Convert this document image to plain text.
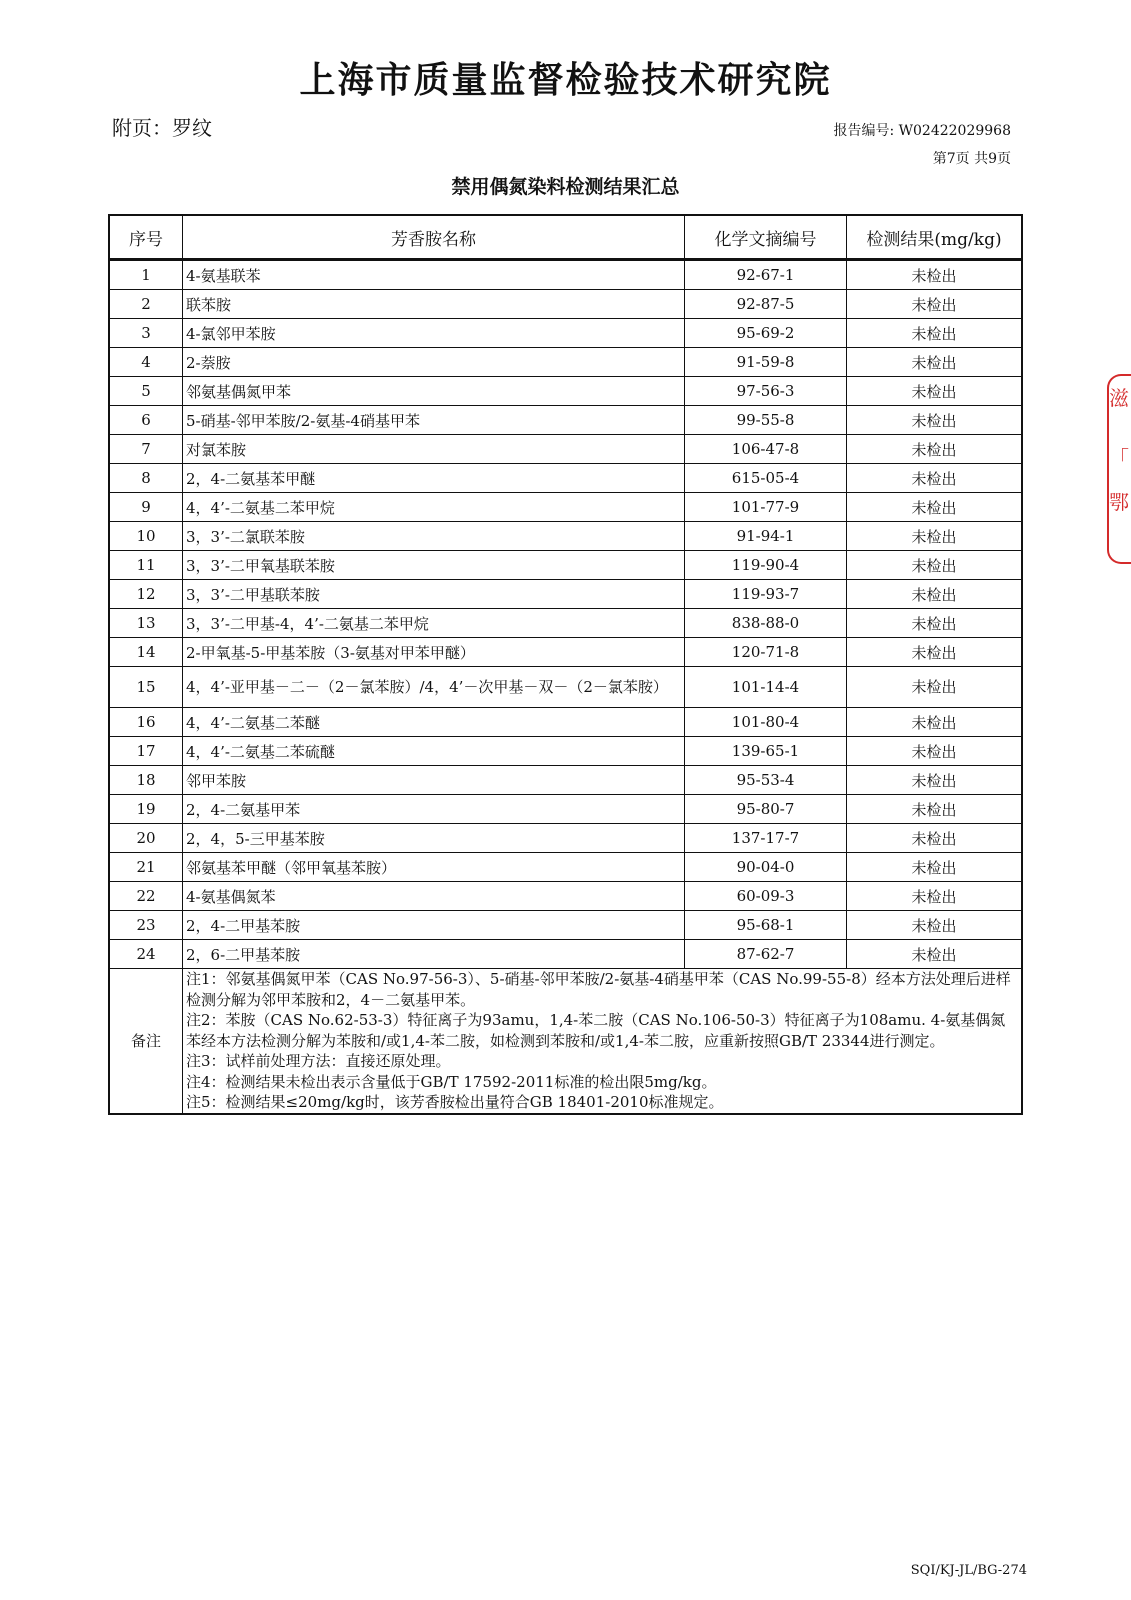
上海市质量监督检验技术研究院
附页：罗纹	报告编号: W02422029968
第7页 共9页
禁用偶氮染料检测结果汇总
序号	芳香胺名称	化学文摘编号	检测结果(mg/kg)
1	4-氨基联苯	92-67-1	未检出
2	联苯胺	92-87-5	未检出
3	4-氯邻甲苯胺	95-69-2	未检出
4	2-萘胺	91-59-8	未检出
5	邻氨基偶氮甲苯	97-56-3	未检出
6	5-硝基-邻甲苯胺/2-氨基-4硝基甲苯	99-55-8	未检出
7	对氯苯胺	106-47-8	未检出
8	2，4-二氨基苯甲醚	615-05-4	未检出
9	4，4’-二氨基二苯甲烷	101-77-9	未检出
10	3，3’-二氯联苯胺	91-94-1	未检出
11	3，3’-二甲氧基联苯胺	119-90-4	未检出
12	3，3’-二甲基联苯胺	119-93-7	未检出
13	3，3’-二甲基-4，4’-二氨基二苯甲烷	838-88-0	未检出
14	2-甲氧基-5-甲基苯胺（3-氨基对甲苯甲醚）	120-71-8	未检出
15	4，4’-亚甲基－二－（2－氯苯胺）/4，4’－次甲基－双－（2－氯苯胺）	101-14-4	未检出
16	4，4’-二氨基二苯醚	101-80-4	未检出
17	4，4’-二氨基二苯硫醚	139-65-1	未检出
18	邻甲苯胺	95-53-4	未检出
19	2，4-二氨基甲苯	95-80-7	未检出
20	2，4，5-三甲基苯胺	137-17-7	未检出
21	邻氨基苯甲醚（邻甲氧基苯胺）	90-04-0	未检出
22	4-氨基偶氮苯	60-09-3	未检出
23	2，4-二甲基苯胺	95-68-1	未检出
24	2，6-二甲基苯胺	87-62-7	未检出
备注	注1：邻氨基偶氮甲苯（CAS No.97-56-3）、5-硝基-邻甲苯胺/2-氨基-4硝基甲苯（CAS No.99-55-8）经本方法处理后进样检测分解为邻甲苯胺和2，4－二氨基甲苯。
注2：苯胺（CAS No.62-53-3）特征离子为93amu，1,4-苯二胺（CAS No.106-50-3）特征离子为108amu. 4-氨基偶氮苯经本方法检测分解为苯胺和/或1,4-苯二胺，如检测到苯胺和/或1,4-苯二胺，应重新按照GB/T 23344进行测定。
注3：试样前处理方法：直接还原处理。
注4：检测结果未检出表示含量低于GB/T 17592-2011标准的检出限5mg/kg。
注5：检测结果≤20mg/kg时，该芳香胺检出量符合GB 18401-2010标准规定。		
滋
「
鄂
SQI/KJ-JL/BG-274
